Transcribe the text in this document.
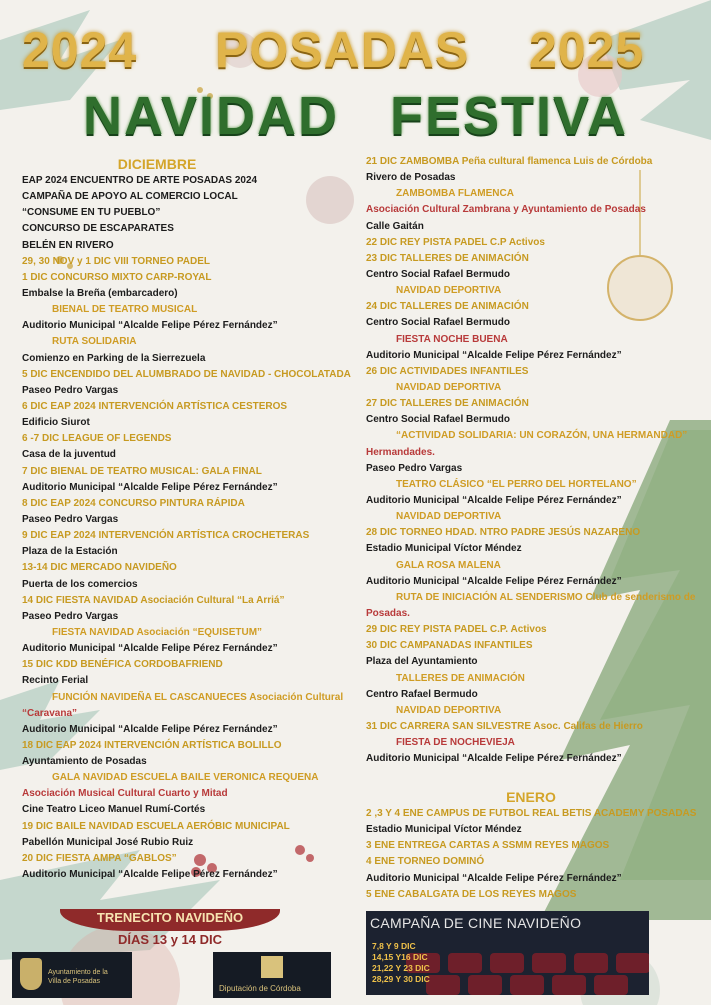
2024 POSADAS 2025
NAVIDAD   FESTIVA
DICIEMBRE
EAP 2024 ENCUENTRO DE ARTE POSADAS 2024
CAMPAÑA DE APOYO AL COMERCIO LOCAL
“CONSUME EN TU PUEBLO”
CONCURSO DE ESCAPARATES
BELÉN EN RIVERO
29, 30 NOV y 1 DIC VIII TORNEO PADEL
1 DIC CONCURSO MIXTO CARP-ROYAL
Embalse la Breña (embarcadero)
BIENAL DE TEATRO MUSICAL
Auditorio Municipal “Alcalde Felipe Pérez Fernández”
RUTA SOLIDARIA
Comienzo en Parking de la Sierrezuela
5 DIC ENCENDIDO DEL ALUMBRADO DE NAVIDAD - CHOCOLATADA
Paseo Pedro Vargas
6 DIC EAP 2024 INTERVENCIÓN ARTÍSTICA CESTEROS
Edificio Siurot
6 -7 DIC LEAGUE OF LEGENDS
Casa de la juventud
7 DIC BIENAL DE TEATRO MUSICAL: GALA FINAL
Auditorio Municipal “Alcalde Felipe Pérez Fernández”
8 DIC EAP 2024 CONCURSO PINTURA RÁPIDA
Paseo Pedro Vargas
9 DIC EAP 2024 INTERVENCIÓN ARTÍSTICA CROCHETERAS
Plaza de la Estación
13-14 DIC MERCADO NAVIDEÑO
Puerta de los comercios
14 DIC FIESTA NAVIDAD Asociación Cultural “La Arriá”
Paseo Pedro Vargas
FIESTA NAVIDAD Asociación “EQUISETUM”
Auditorio Municipal “Alcalde Felipe Pérez Fernández”
15 DIC KDD BENÉFICA CORDOBAFRIEND
Recinto Ferial
FUNCIÓN NAVIDEÑA EL CASCANUECES Asociación Cultural
“Caravana”
Auditorio Municipal “Alcalde Felipe Pérez Fernández”
18 DIC EAP 2024 INTERVENCIÓN ARTÍSTICA BOLILLO
Ayuntamiento de Posadas
GALA NAVIDAD ESCUELA BAILE VERONICA REQUENA
Asociación Musical Cultural Cuarto y Mitad
Cine Teatro Liceo Manuel Rumí-Cortés
19 DIC BAILE NAVIDAD ESCUELA AERÓBIC MUNICIPAL
Pabellón Municipal José Rubio Ruiz
20 DIC FIESTA AMPA “GABLOS”
Auditorio Municipal “Alcalde Felipe Pérez Fernández”
21 DIC ZAMBOMBA Peña cultural flamenca Luis de Córdoba
Rivero de Posadas
ZAMBOMBA FLAMENCA
Asociación Cultural Zambrana y Ayuntamiento de Posadas
Calle Gaitán
22 DIC REY PISTA PADEL C.P Activos
23 DIC TALLERES DE ANIMACIÓN
Centro Social Rafael Bermudo
NAVIDAD DEPORTIVA
24 DIC TALLERES DE ANIMACIÓN
Centro Social Rafael Bermudo
FIESTA NOCHE BUENA
Auditorio Municipal “Alcalde Felipe Pérez Fernández”
26 DIC ACTIVIDADES INFANTILES
NAVIDAD DEPORTIVA
27 DIC TALLERES DE ANIMACIÓN
Centro Social Rafael Bermudo
“ACTIVIDAD SOLIDARIA: UN CORAZÓN, UNA HERMANDAD”
Hermandades.
Paseo Pedro Vargas
TEATRO CLÁSICO “EL PERRO DEL HORTELANO”
Auditorio Municipal “Alcalde Felipe Pérez Fernández”
NAVIDAD DEPORTIVA
28 DIC TORNEO HDAD. NTRO PADRE JESÚS NAZARENO
Estadio Municipal Víctor Méndez
GALA ROSA MALENA
Auditorio Municipal “Alcalde Felipe Pérez Fernández”
RUTA DE INICIACIÓN AL SENDERISMO Club de senderismo de
Posadas.
29 DIC REY PISTA PADEL C.P. Activos
30 DIC CAMPANADAS INFANTILES
Plaza del Ayuntamiento
TALLERES DE ANIMACIÓN
Centro Rafael Bermudo
NAVIDAD DEPORTIVA
31 DIC CARRERA SAN SILVESTRE Asoc. Califas de Hierro
FIESTA DE NOCHEVIEJA
Auditorio Municipal “Alcalde Felipe Pérez Fernández”
ENERO
2 ,3 Y 4 ENE CAMPUS DE FUTBOL REAL BETIS ACADEMY POSADAS
Estadio Municipal Víctor Méndez
3 ENE ENTREGA CARTAS A SSMM REYES MAGOS
4 ENE TORNEO DOMINÓ
Auditorio Municipal “Alcalde Felipe Pérez Fernández”
5 ENE CABALGATA DE LOS REYES MAGOS
TRENECITO NAVIDEÑO
DÍAS 13 y 14 DIC
CAMPAÑA DE CINE NAVIDEÑO
7,8 Y 9 DIC
14,15 Y16 DIC
21,22 Y 23 DIC
28,29 Y 30 DIC
Ayuntamiento de la
Villa de Posadas
Diputación de Córdoba
